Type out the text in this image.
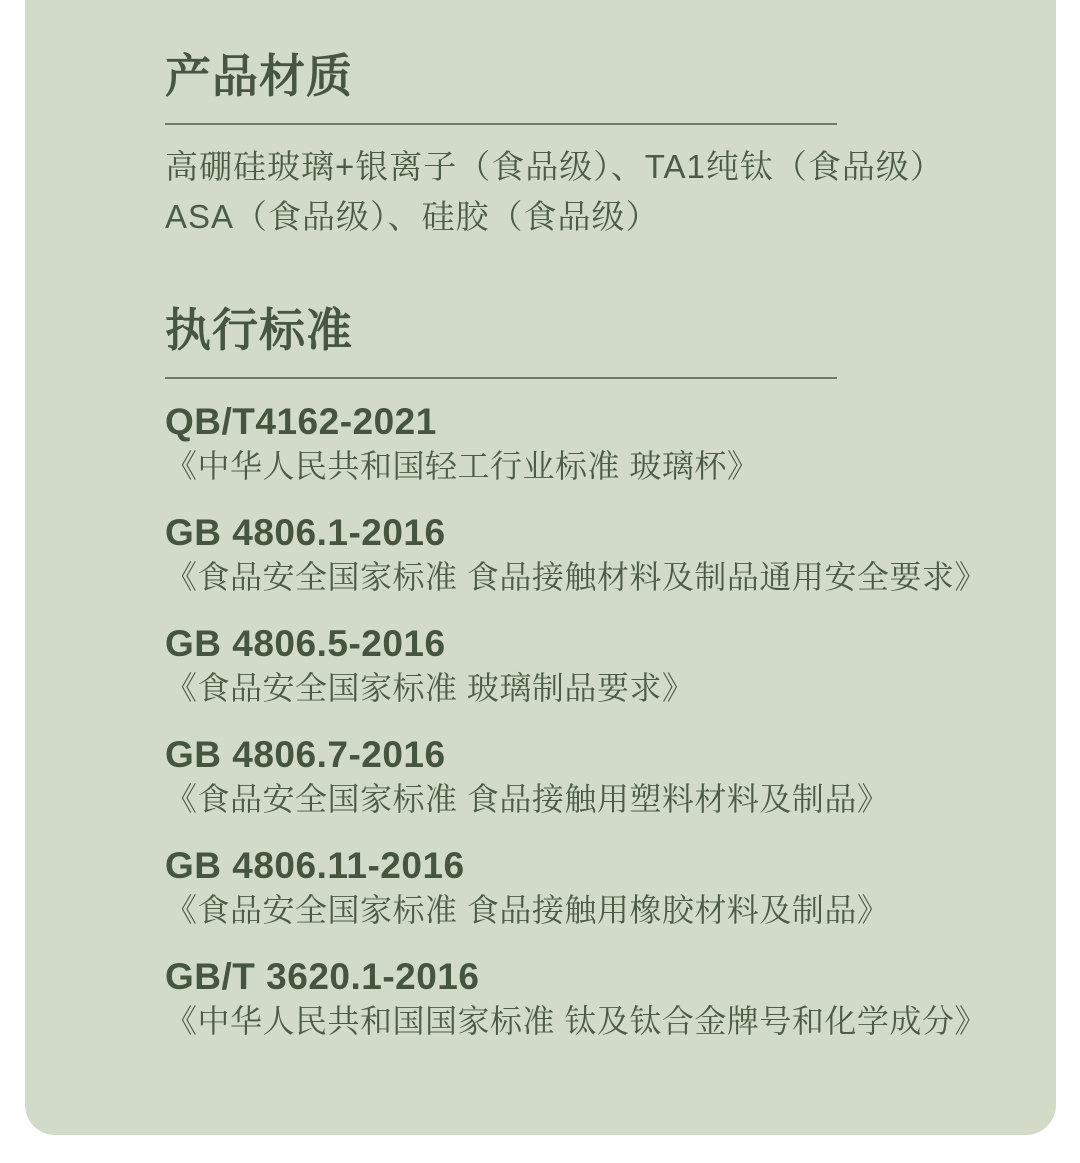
产品材质
高硼硅玻璃+银离子（食品级）、TA1纯钛（食品级）
ASA（食品级）、硅胶（食品级）
执行标准
QB/T4162-2021
《中华人民共和国轻工行业标准 玻璃杯》
GB 4806.1-2016
《食品安全国家标准 食品接触材料及制品通用安全要求》
GB 4806.5-2016
《食品安全国家标准 玻璃制品要求》
GB 4806.7-2016
《食品安全国家标准 食品接触用塑料材料及制品》
GB 4806.11-2016
《食品安全国家标准 食品接触用橡胶材料及制品》
GB/T 3620.1-2016
《中华人民共和国国家标准 钛及钛合金牌号和化学成分》
